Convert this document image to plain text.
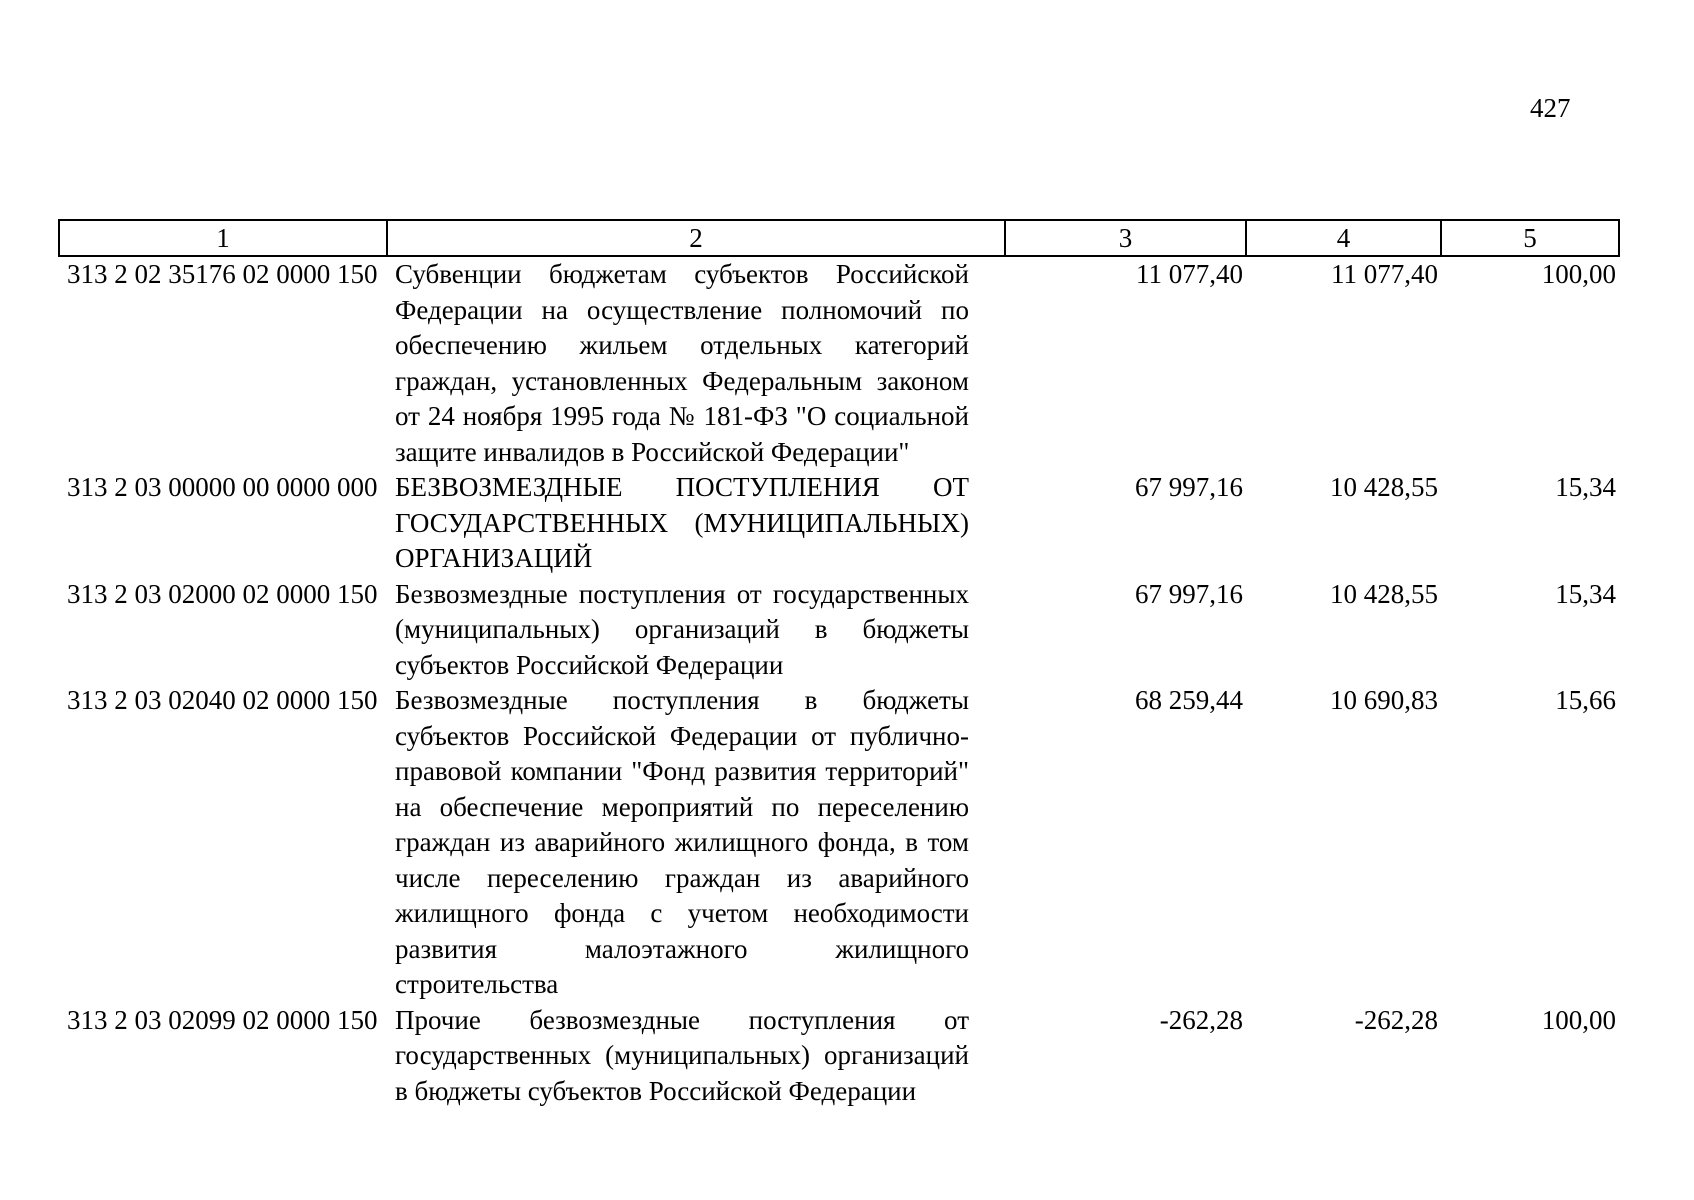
427
1	2	3	4	5
313 2 02 35176 02 0000 150	Субвенции бюджетам субъектов Российской Федерации на осуществление полномочий по обеспечению жильем отдельных категорий граждан, установленных Федеральным законом от 24 ноября 1995 года № 181-ФЗ "О социальной защите инвалидов в Российской Федерации"	11 077,40	11 077,40	100,00
313 2 03 00000 00 0000 000	БЕЗВОЗМЕЗДНЫЕ ПОСТУПЛЕНИЯ ОТ ГОСУДАРСТВЕННЫХ (МУНИЦИПАЛЬНЫХ) ОРГАНИЗАЦИЙ	67 997,16	10 428,55	15,34
313 2 03 02000 02 0000 150	Безвозмездные поступления от государственных (муниципальных) организаций в бюджеты субъектов Российской Федерации	67 997,16	10 428,55	15,34
313 2 03 02040 02 0000 150	Безвозмездные поступления в бюджеты субъектов Российской Федерации от публично-правовой компании "Фонд развития территорий" на обеспечение мероприятий по переселению граждан из аварийного жилищного фонда, в том числе переселению граждан из аварийного жилищного фонда с учетом необходимости развития малоэтажного жилищного строительства	68 259,44	10 690,83	15,66
313 2 03 02099 02 0000 150	Прочие безвозмездные поступления от государственных (муниципальных) организаций в бюджеты субъектов Российской Федерации	-262,28	-262,28	100,00
